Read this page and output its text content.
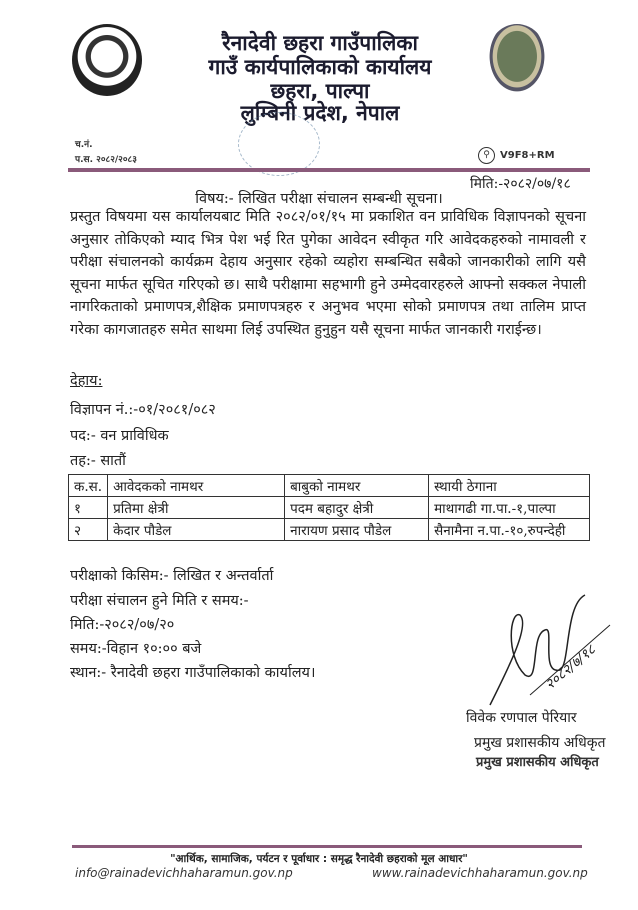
रैनादेवी छहरा गाउँपालिका
गाउँ कार्यपालिकाको कार्यालय
छहरा, पाल्पा
लुम्बिनी प्रदेश, नेपाल
च.नं.
प.स. २०८२/२०८३	⚲	V9F8+RM
मिति:-२०८२/०७/१८
विषय:- लिखित परीक्षा संचालन सम्बन्धी सूचना।
प्रस्तुत विषयमा यस कार्यालयबाट मिति २०८२/०१/१५ मा प्रकाशित वन प्राविधिक विज्ञापनको सूचना अनुसार तोकिएको म्याद भित्र पेश भई रित पुगेका आवेदन स्वीकृत गरि आवेदकहरुको नामावली र परीक्षा संचालनको कार्यक्रम देहाय अनुसार रहेको व्यहोरा सम्बन्धित सबैको जानकारीको लागि यसै सूचना मार्फत सूचित गरिएको छ। साथै परीक्षामा सहभागी हुने उम्मेदवारहरुले आफ्नो सक्कल नेपाली नागरिकताको प्रमाणपत्र,शैक्षिक प्रमाणपत्रहरु र अनुभव भएमा सोको प्रमाणपत्र तथा तालिम प्राप्त गरेका कागजातहरु समेत साथमा लिई उपस्थित हुनुहुन यसै सूचना मार्फत जानकारी गराईन्छ।
देहाय:
विज्ञापन नं.:-०१/२०८१/०८२
पद:- वन प्राविधिक
तह:- सातौं
क.स.	आवेदकको नामथर	बाबुको नामथर	स्थायी ठेगाना
१	प्रतिमा क्षेत्री	पदम बहादुर क्षेत्री	माथागढी गा.पा.-१,पाल्पा
२	केदार पौडेल	नारायण प्रसाद पौडेल	सैनामैना न.पा.-१०,रुपन्देही
परीक्षाको किसिम:- लिखित र अन्तर्वार्ता
परीक्षा संचालन हुने मिति र समय:-
मिति:-२०८२/०७/२०
समय:-विहान १०:०० बजे
स्थान:- रैनादेवी छहरा गाउँपालिकाको कार्यालय।	२०८२/७/१८
विवेक रणपाल पेरियार
प्रमुख प्रशासकीय अधिकृत
प्रमुख प्रशासकीय अधिकृत
"आर्थिक, सामाजिक, पर्यटन र पूर्वाधार : समृद्ध रैनादेवी छहराको मूल आधार"
info@rainadevichhaharamun.gov.np	www.rainadevichhaharamun.gov.np
